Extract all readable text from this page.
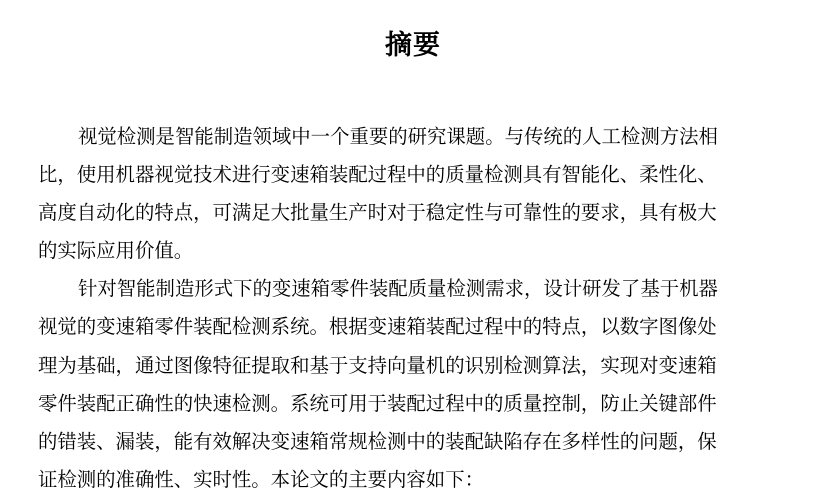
摘要
视觉检测是智能制造领域中一个重要的研究课题。与传统的人工检测方法相
比，使用机器视觉技术进行变速箱装配过程中的质量检测具有智能化、柔性化、
高度自动化的特点，可满足大批量生产时对于稳定性与可靠性的要求，具有极大
的实际应用价值。
针对智能制造形式下的变速箱零件装配质量检测需求，设计研发了基于机器
视觉的变速箱零件装配检测系统。根据变速箱装配过程中的特点，以数字图像处
理为基础，通过图像特征提取和基于支持向量机的识别检测算法，实现对变速箱
零件装配正确性的快速检测。系统可用于装配过程中的质量控制，防止关键部件
的错装、漏装，能有效解决变速箱常规检测中的装配缺陷存在多样性的问题，保
证检测的准确性、实时性。本论文的主要内容如下：
